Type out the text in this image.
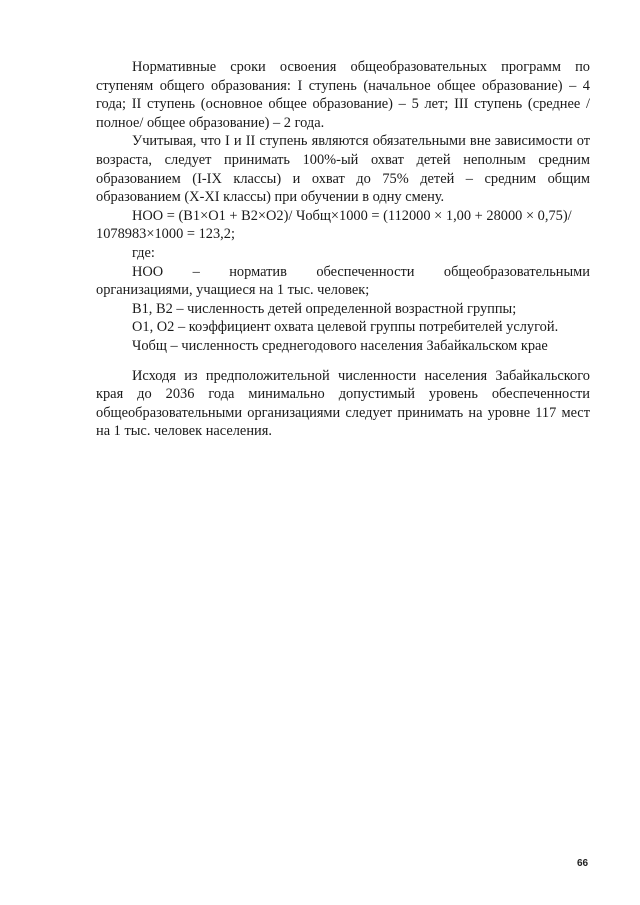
Нормативные сроки освоения общеобразовательных программ по ступеням общего образования: I ступень (начальное общее образование) – 4 года; II ступень (основное общее образование) – 5 лет; III ступень (среднее /полное/ общее образование) – 2 года.

Учитывая, что I и II ступень являются обязательными вне зависимости от возраста, следует принимать 100%-ый охват детей неполным средним образованием (I-IX классы) и охват до 75% детей – средним общим образованием (X-XI классы) при обучении в одну смену.

НОО = (В1×О1 + В2×О2)/ Чобщ×1000 = (112000 × 1,00 + 28000 × 0,75)/
1078983×1000 = 123,2;
где:
НОО – норматив обеспеченности общеобразовательными
организациями, учащиеся на 1 тыс. человек;
В1, В2 – численность детей определенной возрастной группы;
О1, О2 – коэффициент охвата целевой группы потребителей услугой.
Чобщ – численность среднегодового населения Забайкальском крае

Исходя из предположительной численности населения Забайкальского края до 2036 года минимально допустимый уровень обеспеченности общеобразовательными организациями следует принимать на уровне 117 мест на 1 тыс. человек населения.

66
